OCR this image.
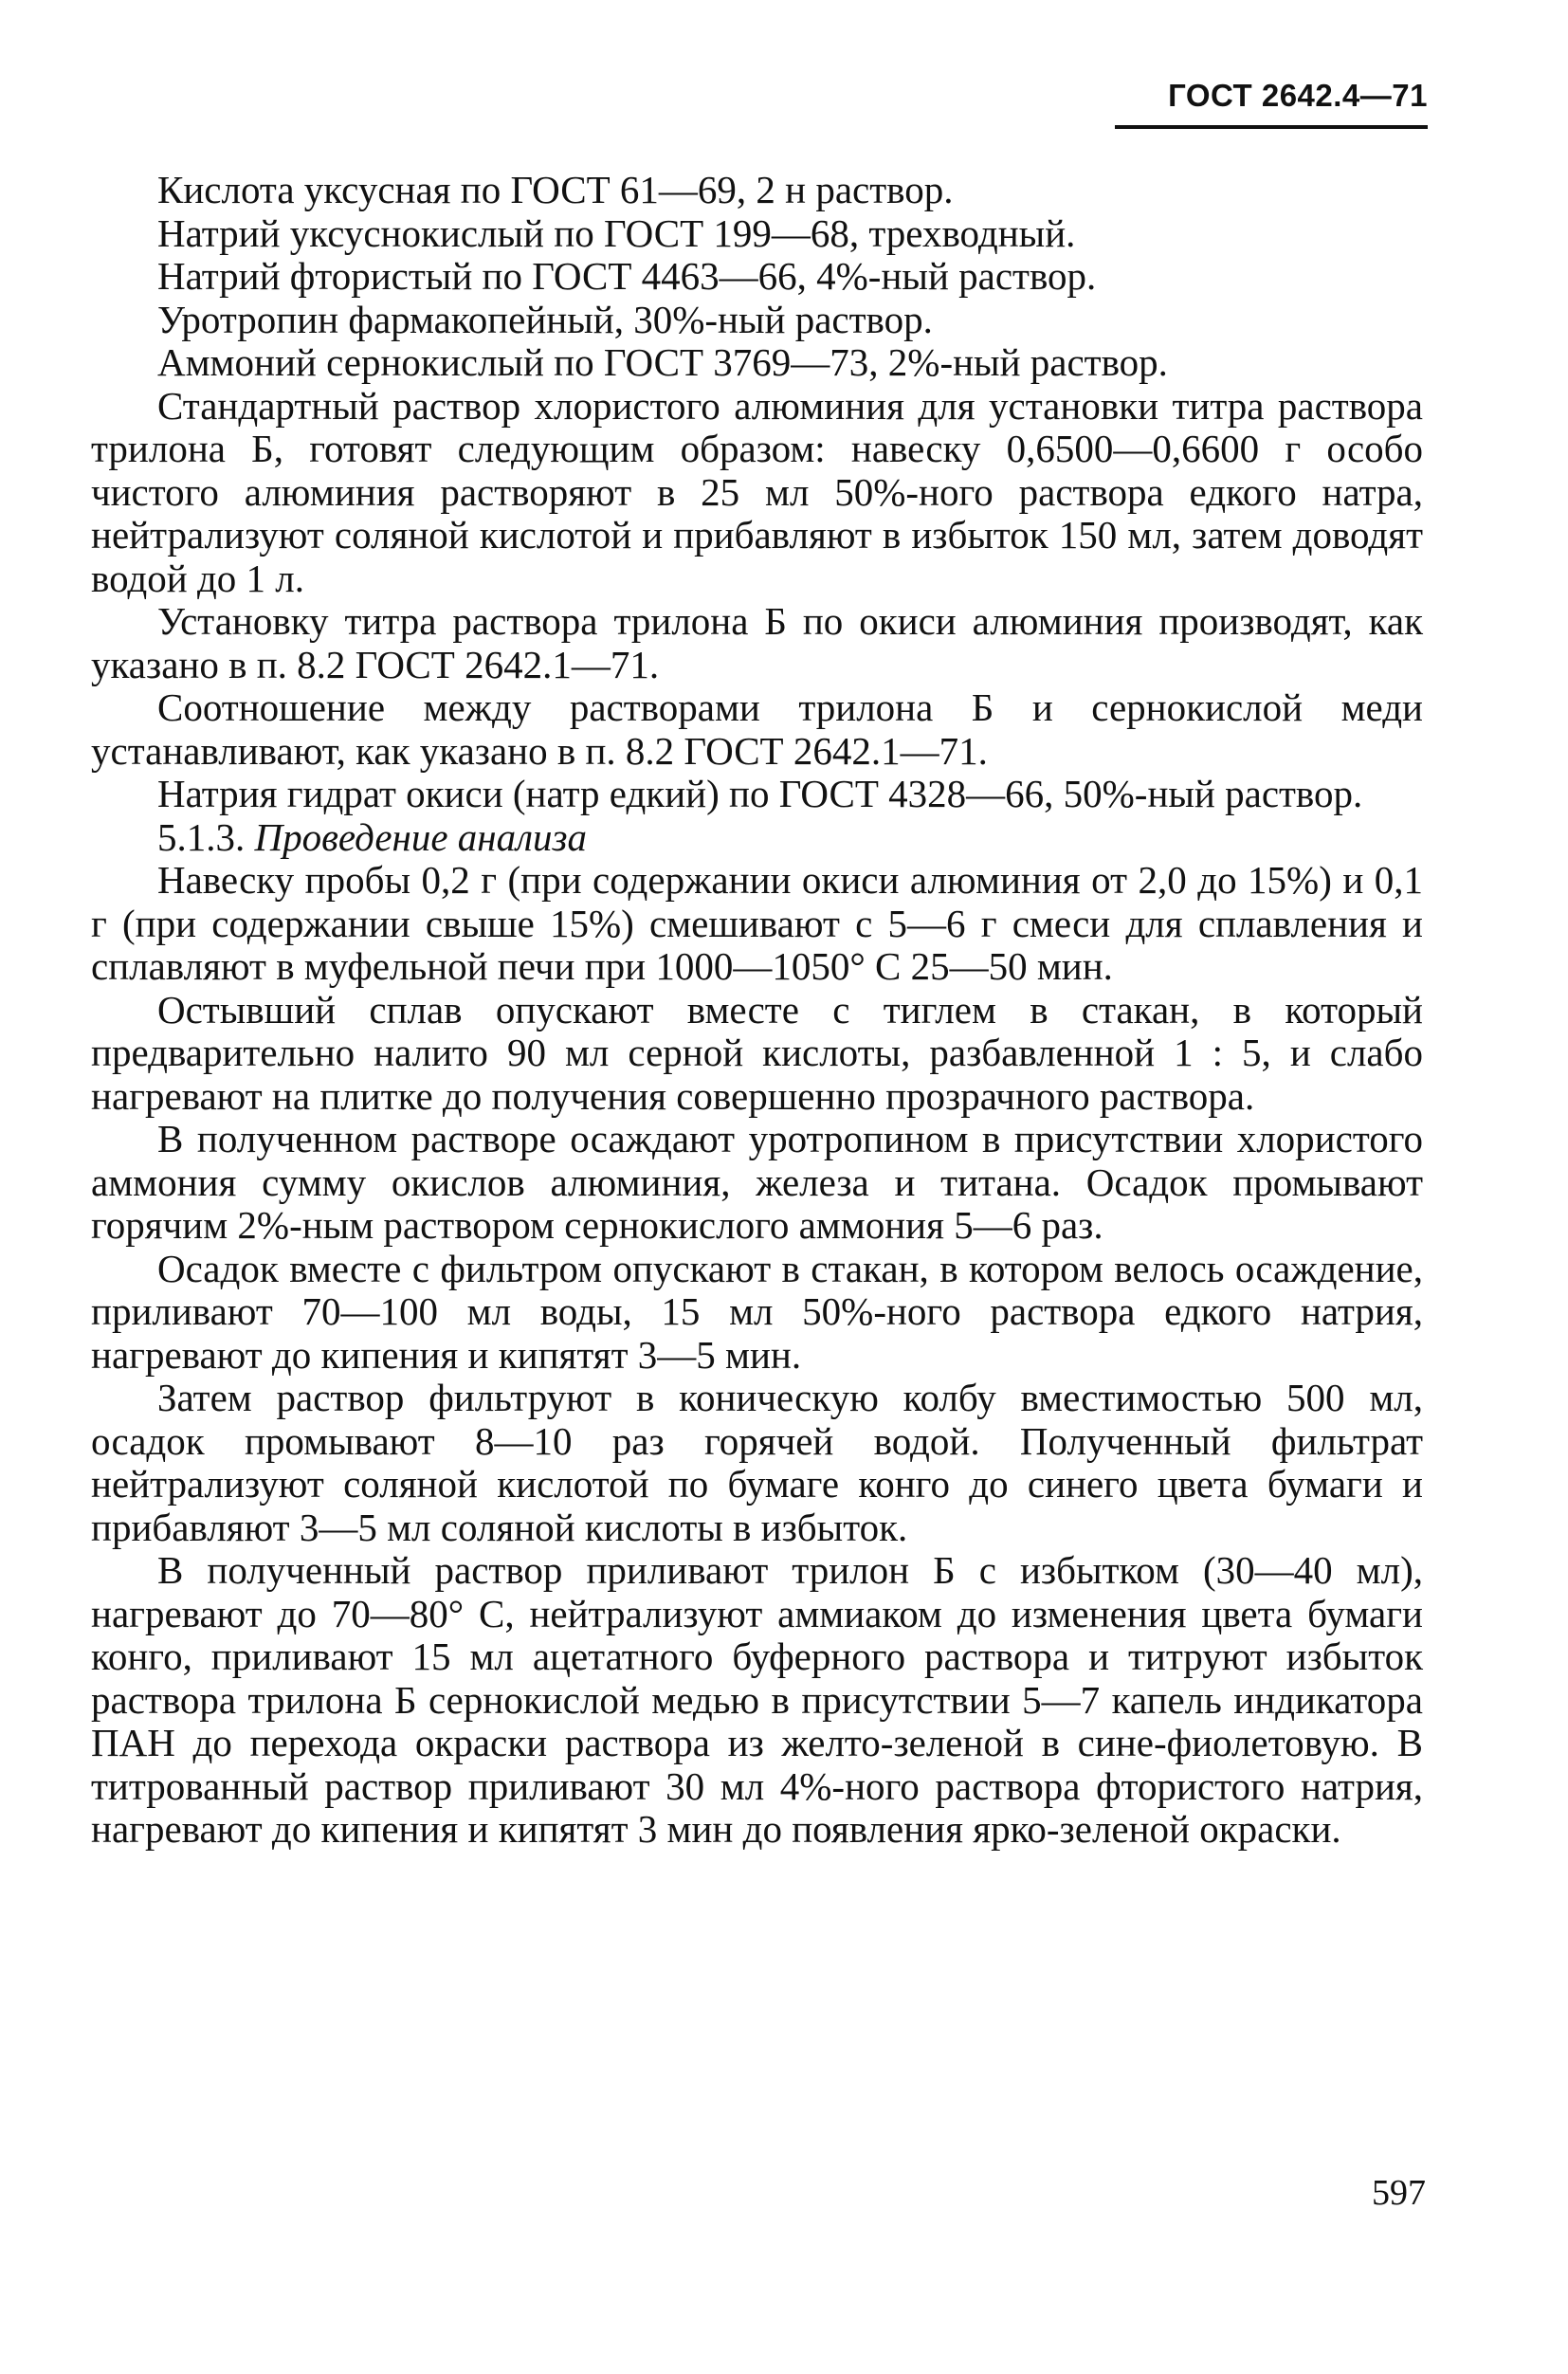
ГОСТ 2642.4—71

Кислота уксусная по ГОСТ 61—69, 2 н раствор.

Натрий уксуснокислый по ГОСТ 199—68, трехводный.

Натрий фтористый по ГОСТ 4463—66, 4%-ный раствор.

Уротропин фармакопейный, 30%-ный раствор.

Аммоний сернокислый по ГОСТ 3769—73, 2%-ный раствор.

Стандартный раствор хлористого алюминия для установки титра раствора трилона Б, готовят следующим образом: навеску 0,6500—0,6600 г особо чистого алюминия растворяют в 25 мл 50%-ного раствора едкого натра, нейтрализуют соляной кислотой и прибавляют в избыток 150 мл, затем доводят водой до 1 л.

Установку титра раствора трилона Б по окиси алюминия производят, как указано в п. 8.2 ГОСТ 2642.1—71.

Соотношение между растворами трилона Б и сернокислой меди устанавливают, как указано в п. 8.2 ГОСТ 2642.1—71.

Натрия гидрат окиси (натр едкий) по ГОСТ 4328—66, 50%-ный раствор.

5.1.3. Проведение анализа

Навеску пробы 0,2 г (при содержании окиси алюминия от 2,0 до 15%) и 0,1 г (при содержании свыше 15%) смешивают с 5—6 г смеси для сплавления и сплавляют в муфельной печи при 1000—1050° С 25—50 мин.

Остывший сплав опускают вместе с тиглем в стакан, в который предварительно налито 90 мл серной кислоты, разбавленной 1 : 5, и слабо нагревают на плитке до получения совершенно прозрачного раствора.

В полученном растворе осаждают уротропином в присутствии хлористого аммония сумму окислов алюминия, железа и титана. Осадок промывают горячим 2%-ным раствором сернокислого аммония 5—6 раз.

Осадок вместе с фильтром опускают в стакан, в котором велось осаждение, приливают 70—100 мл воды, 15 мл 50%-ного раствора едкого натрия, нагревают до кипения и кипятят 3—5 мин.

Затем раствор фильтруют в коническую колбу вместимостью 500 мл, осадок промывают 8—10 раз горячей водой. Полученный фильтрат нейтрализуют соляной кислотой по бумаге конго до синего цвета бумаги и прибавляют 3—5 мл соляной кислоты в избыток.

В полученный раствор приливают трилон Б с избытком (30—40 мл), нагревают до 70—80° С, нейтрализуют аммиаком до изменения цвета бумаги конго, приливают 15 мл ацетатного буферного раствора и титруют избыток раствора трилона Б сернокислой медью в присутствии 5—7 капель индикатора ПАН до перехода окраски раствора из желто-зеленой в сине-фиолетовую. В титрованный раствор приливают 30 мл 4%-ного раствора фтористого натрия, нагревают до кипения и кипятят 3 мин до появления ярко-зеленой окраски.

597
